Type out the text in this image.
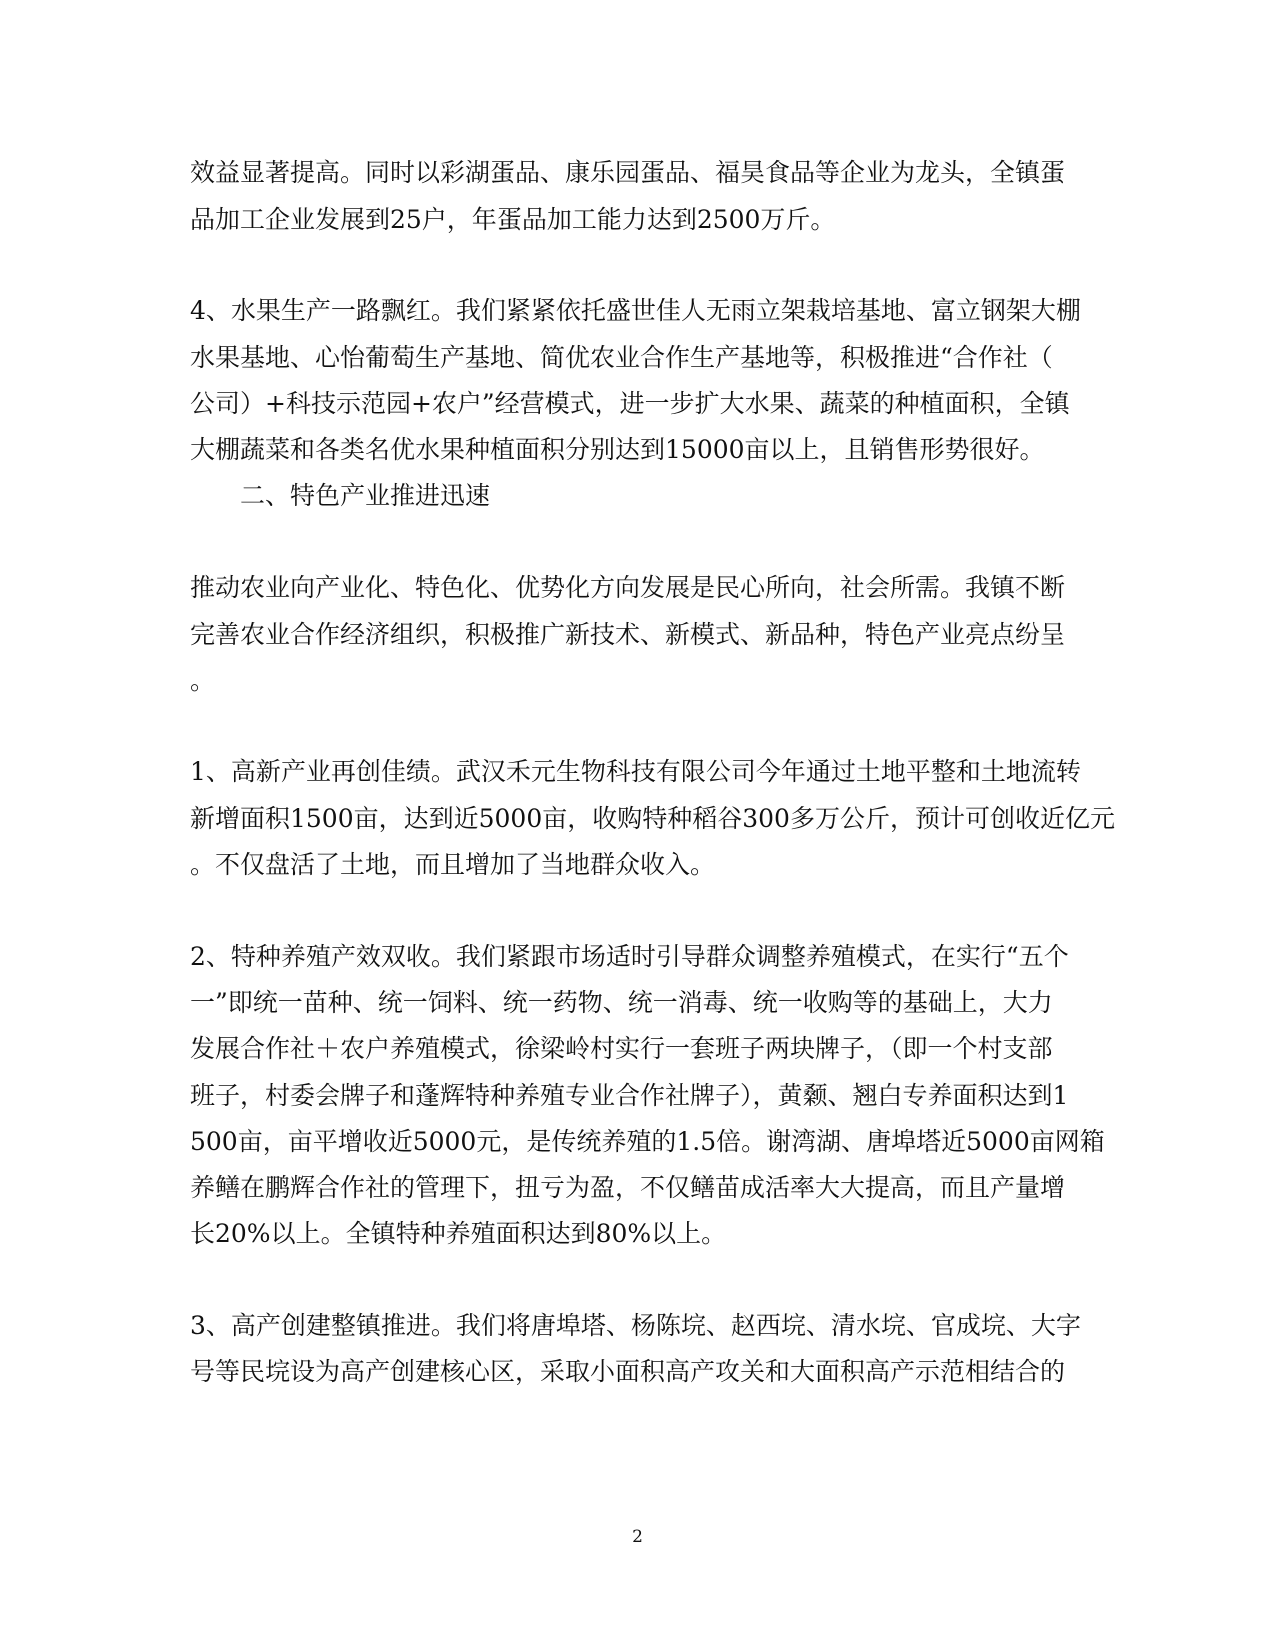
效益显著提高。同时以彩湖蛋品、康乐园蛋品、福昊食品等企业为龙头，全镇蛋
品加工企业发展到25户，年蛋品加工能力达到2500万斤。
4、水果生产一路飘红。我们紧紧依托盛世佳人无雨立架栽培基地、富立钢架大棚
水果基地、心怡葡萄生产基地、简优农业合作生产基地等，积极推进“合作社（
公司）+科技示范园+农户”经营模式，进一步扩大水果、蔬菜的种植面积，全镇
大棚蔬菜和各类名优水果种植面积分别达到15000亩以上，且销售形势很好。
二、特色产业推进迅速
推动农业向产业化、特色化、优势化方向发展是民心所向，社会所需。我镇不断
完善农业合作经济组织，积极推广新技术、新模式、新品种，特色产业亮点纷呈
。
1、高新产业再创佳绩。武汉禾元生物科技有限公司今年通过土地平整和土地流转
新增面积1500亩，达到近5000亩，收购特种稻谷300多万公斤，预计可创收近亿元
。不仅盘活了土地，而且增加了当地群众收入。
2、特种养殖产效双收。我们紧跟市场适时引导群众调整养殖模式，在实行“五个
一”即统一苗种、统一饲料、统一药物、统一消毒、统一收购等的基础上，大力
发展合作社＋农户养殖模式，徐梁岭村实行一套班子两块牌子，（即一个村支部
班子，村委会牌子和蓬辉特种养殖专业合作社牌子），黄颡、翘白专养面积达到1
500亩，亩平增收近5000元，是传统养殖的1.5倍。谢湾湖、唐埠塔近5000亩网箱
养鳝在鹏辉合作社的管理下，扭亏为盈，不仅鳝苗成活率大大提高，而且产量增
长20%以上。全镇特种养殖面积达到80%以上。
3、高产创建整镇推进。我们将唐埠塔、杨陈垸、赵西垸、清水垸、官成垸、大字
号等民垸设为高产创建核心区，采取小面积高产攻关和大面积高产示范相结合的
2
